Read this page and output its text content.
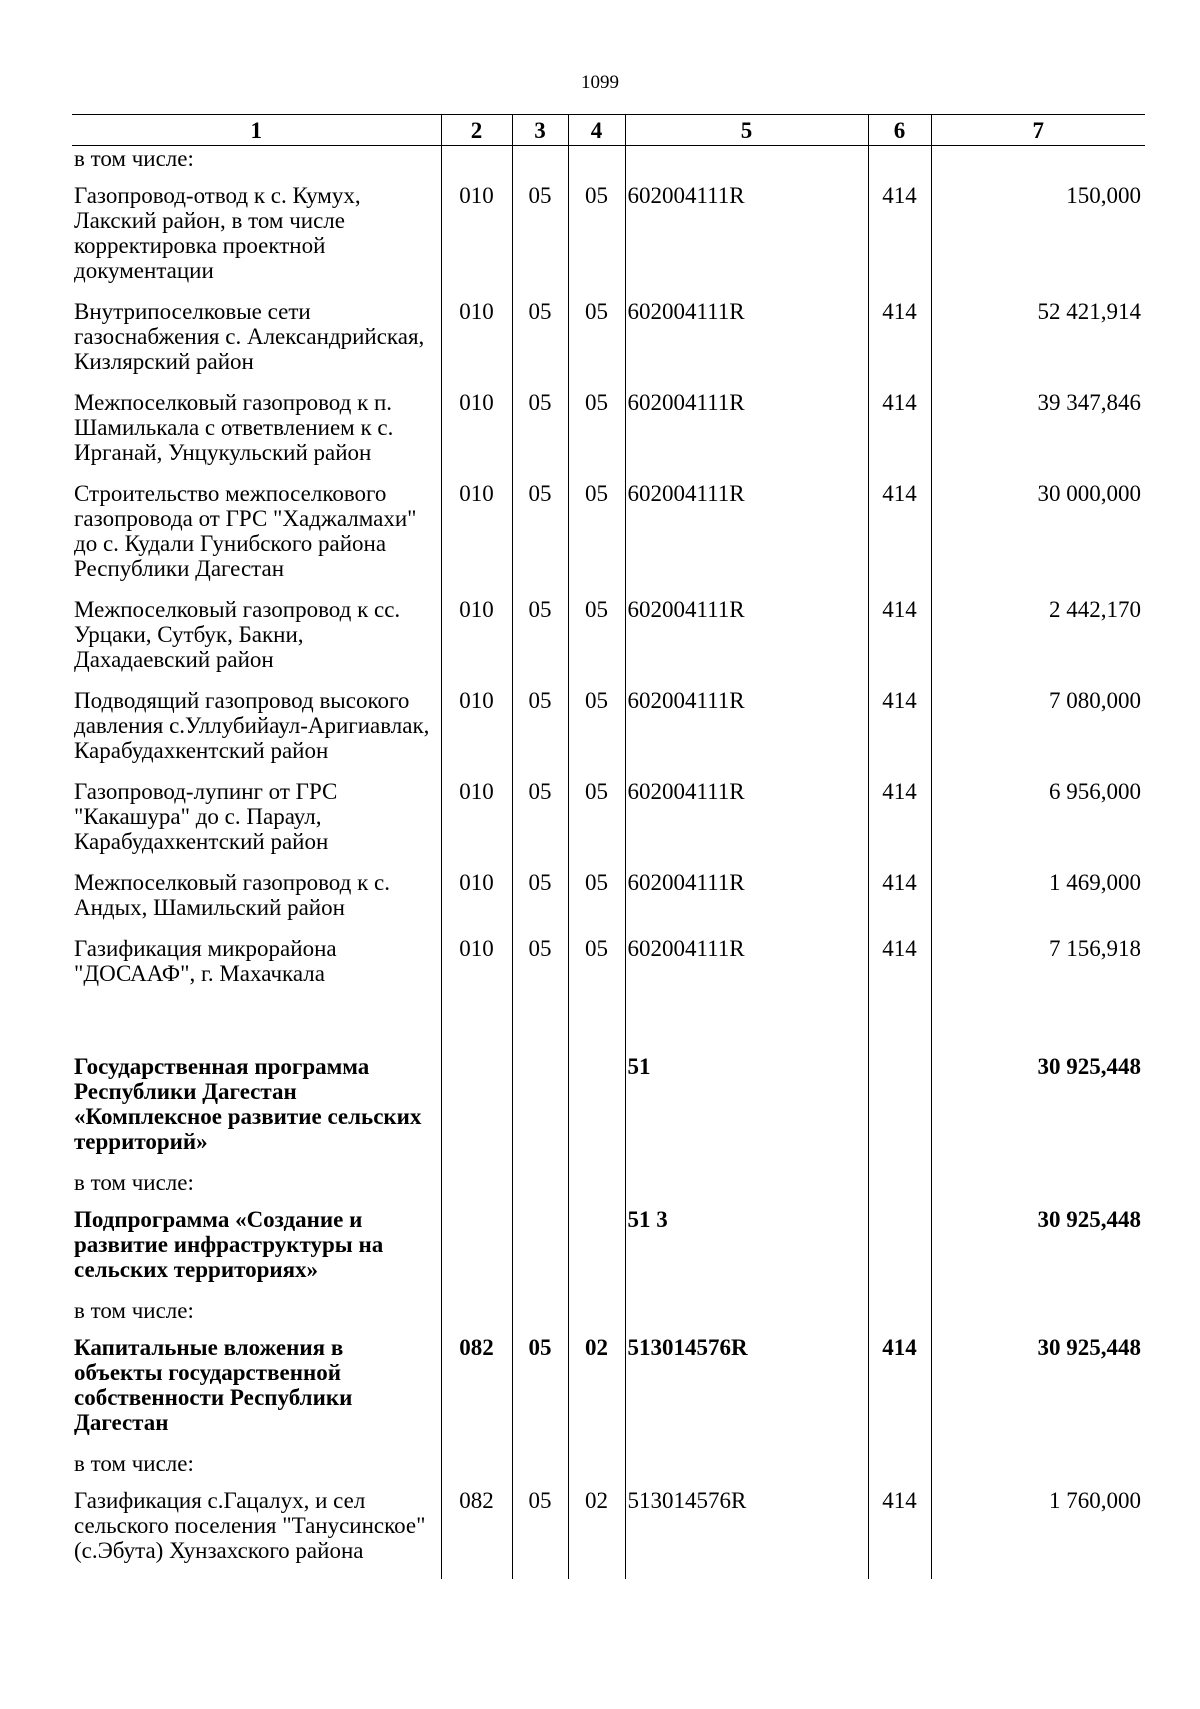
1099
1	2	3	4	5	6	7
в том числе:						
Газопровод-отвод к с. Кумух, Лакский район, в том числе корректировка проектной документации	010	05	05	602004111R	414	150,000
Внутрипоселковые сети газоснабжения с. Александрийская, Кизлярский район	010	05	05	602004111R	414	52 421,914
Межпоселковый газопровод к п. Шамилькала с ответвлением к с. Ирганай, Унцукульский район	010	05	05	602004111R	414	39 347,846
Строительство межпоселкового газопровода от ГРС "Хаджалмахи" до с. Кудали Гунибского района Республики Дагестан	010	05	05	602004111R	414	30 000,000
Межпоселковый газопровод к сс. Урцаки, Сутбук, Бакни, Дахадаевский район	010	05	05	602004111R	414	2 442,170
Подводящий газопровод высокого давления с.Уллубийаул-Аригиавлак, Карабудахкентский район	010	05	05	602004111R	414	7 080,000
Газопровод-лупинг от ГРС "Какашура" до с. Параул, Карабудахкентский район	010	05	05	602004111R	414	6 956,000
Межпоселковый газопровод к с. Андых, Шамильский район	010	05	05	602004111R	414	1 469,000
Газификация микрорайона "ДОСААФ", г. Махачкала	010	05	05	602004111R	414	7 156,918
Государственная программа Республики Дагестан «Комплексное развитие сельских территорий»				51		30 925,448
в том числе:						
Подпрограмма «Создание и развитие инфраструктуры на сельских территориях»				51 3		30 925,448
в том числе:						
Капитальные вложения в объекты государственной собственности Республики Дагестан	082	05	02	513014576R	414	30 925,448
в том числе:						
Газификация с.Гацалух, и сел сельского поселения "Танусинское" (с.Эбута) Хунзахского района	082	05	02	513014576R	414	1 760,000
